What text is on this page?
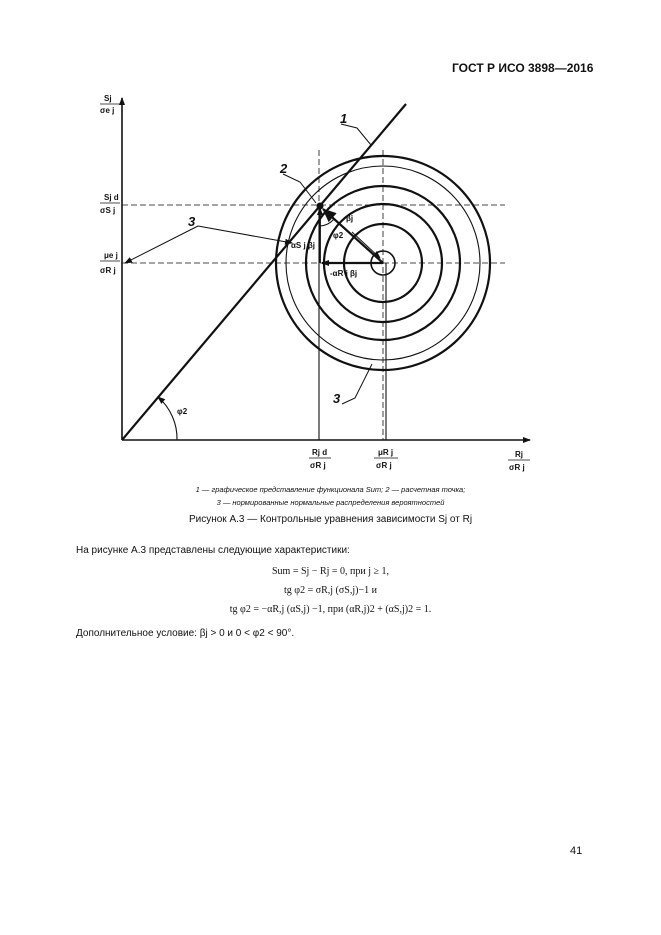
ГОСТ Р ИСО 3898—2016
1
2
3
3
Sj
σe j
Sj d
σS j
μe j
σR j
Rj d
σR j
μR j
σR j
Rj
σR j
βj
φ2
αS j βj
-αR j βj
φ2
1 — графическое представление функционала Sum; 2 — расчетная точка;
3 — нормированные нормальные распределения вероятностей
Рисунок А.3 — Контрольные уравнения зависимости Sj от Rj
На рисунке А.3 представлены следующие характеристики:
Sum = Sj − Rj = 0, при j ≥ 1,
tg φ2 = σR,j (σS,j)−1 и
tg φ2 = −αR,j (αS,j) −1, при (αR,j)2 + (αS,j)2 = 1.
Дополнительное условие: βj > 0 и 0 < φ2 < 90°.
41
